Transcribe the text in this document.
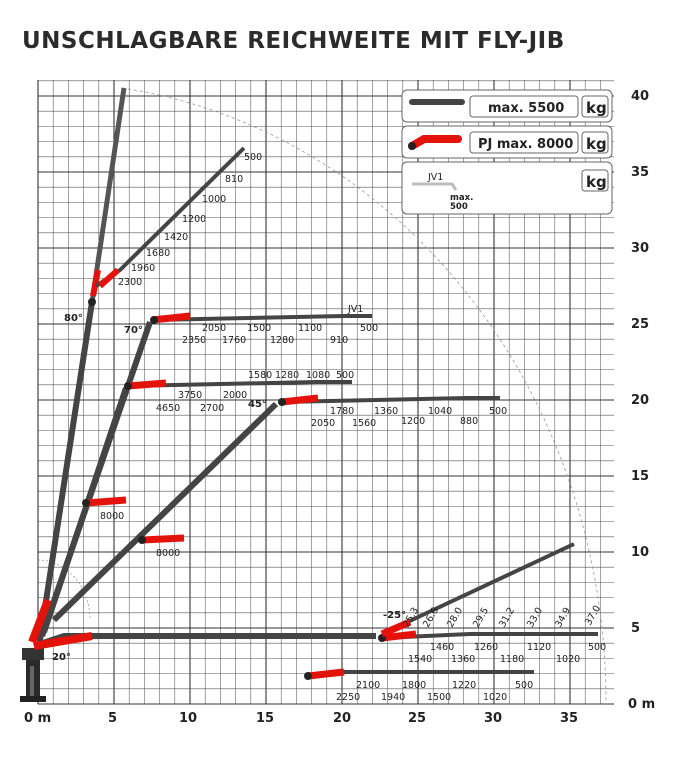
UNSCHLAGBARE REICHWEITE MIT FLY-JIB
5
10
15
20
25
30
35
40
0 m
0 m	5	10	15	20	25	30	35
max. 5500 kg
PJ max. 8000 kg
JV1
max.
500
kg
80°
70°
JV1
45°
20°
-25°
500
810
1000
1200
1420
1680
1960
2300
2350
2050
1760
1500
1280
1100
910
500
1580 1280 1080 500
4650
3750
2700
2000
2050
1780
1560
1360
1200
1040
880
500
8000
8000
1460 1260	1120	500
1540 1360	1180	1020
25.3 26.6 28.0 29.5 31.2 33.0 34.9 37.0
2250
2100
1940
1800
1500
1220
1020
500
